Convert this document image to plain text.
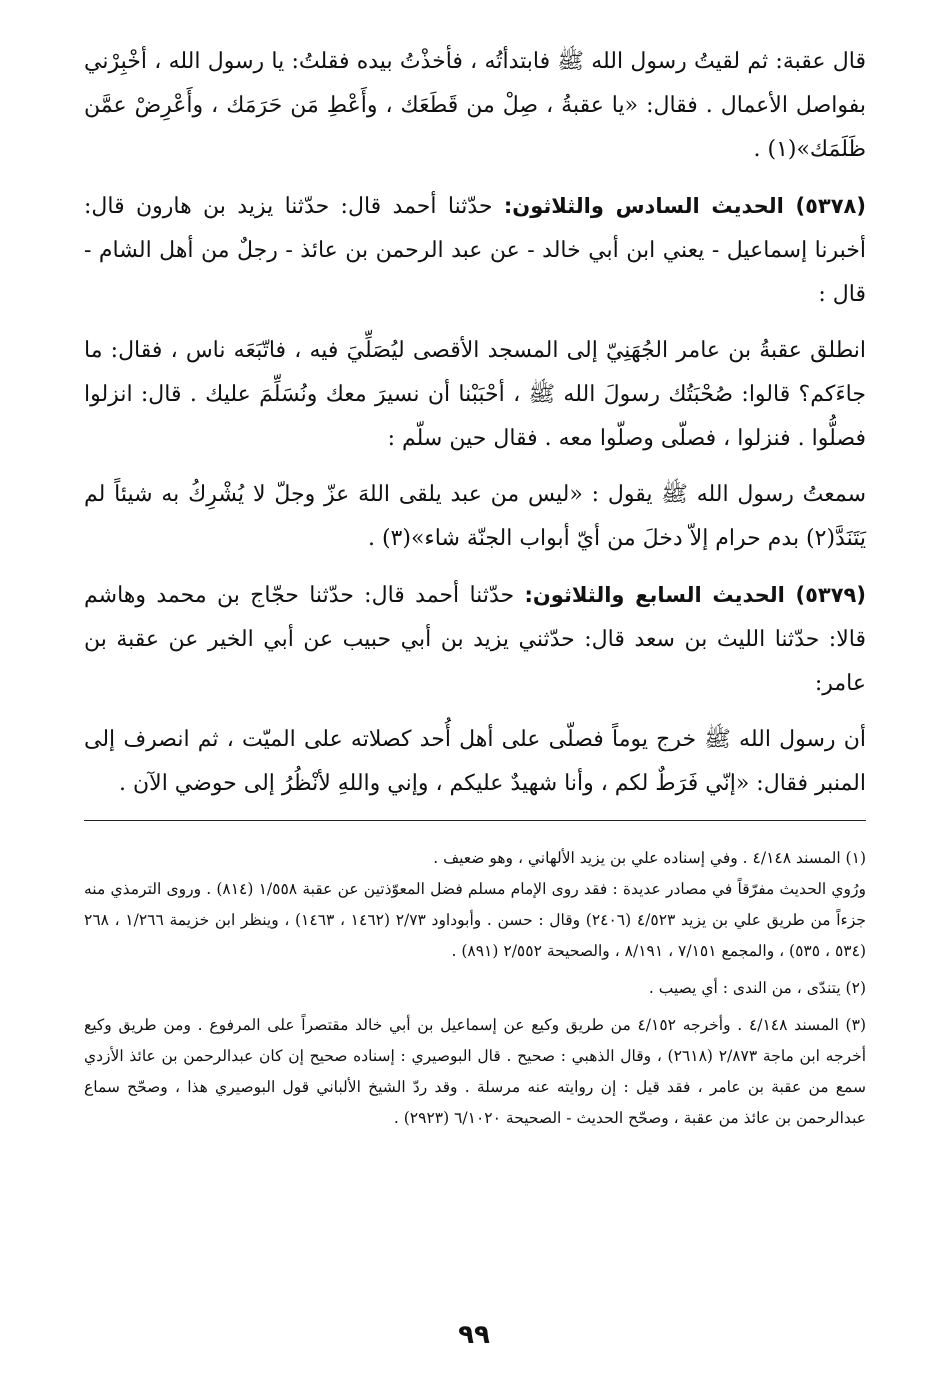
قال عقبة: ثم لقيتُ رسول الله ﷺ فابتدأتُه ، فأخذْتُ بيده فقلتُ: يا رسول الله ، أخْبِرْني بفواصل الأعمال . فقال: «يا عقبةُ ، صِلْ من قَطَعَك ، وأَعْطِ مَن حَرَمَك ، وأَعْرِضْ عمَّن ظَلَمَك»(١) .

(٥٣٧٨) الحديث السادس والثلاثون: حدّثنا أحمد قال: حدّثنا يزيد بن هارون قال: أخبرنا إسماعيل - يعني ابن أبي خالد - عن عبد الرحمن بن عائذ - رجلٌ من أهل الشام - قال :

انطلق عقبةُ بن عامر الجُهَنِيّ إلى المسجد الأقصى ليُصَلِّيَ فيه ، فاتّبَعَه ناس ، فقال: ما جاءَكم؟ قالوا: صُحْبَتُك رسولَ الله ﷺ ، أحْبَبْنا أن نسيرَ معك ونُسَلِّمَ عليك . قال: انزلوا فصلُّوا . فنزلوا ، فصلّى وصلّوا معه . فقال حين سلّم :

سمعتُ رسول الله ﷺ يقول : «ليس من عبد يلقى اللهَ عزّ وجلّ لا يُشْرِكُ به شيئاً لم يَتَنَدَّ(٢) بدم حرام إلاّ دخلَ من أيّ أبواب الجنّة شاء»(٣) .

(٥٣٧٩) الحديث السابع والثلاثون: حدّثنا أحمد قال: حدّثنا حجّاج بن محمد وهاشم قالا: حدّثنا الليث بن سعد قال: حدّثني يزيد بن أبي حبيب عن أبي الخير عن عقبة بن عامر:

أن رسول الله ﷺ خرج يوماً فصلّى على أهل أُحد كصلاته على الميّت ، ثم انصرف إلى المنبر فقال: «إنّي فَرَطٌ لكم ، وأنا شهيدٌ عليكم ، وإني واللهِ لأنْظُرُ إلى حوضي الآن .

(١) المسند ٤/١٤٨ . وفي إسناده علي بن يزيد الألهاني ، وهو ضعيف .

ورُوي الحديث مفرّقاً في مصادر عديدة : فقد روى الإمام مسلم فضل المعوّذتين عن عقبة ١/٥٥٨ (٨١٤) . وروى الترمذي منه جزءاً من طريق علي بن يزيد ٤/٥٢٣ (٢٤٠٦) وقال : حسن . وأبوداود ٢/٧٣ (١٤٦٢ ، ١٤٦٣) ، وينظر ابن خزيمة ١/٢٦٦ ، ٢٦٨ (٥٣٤ ، ٥٣٥) ، والمجمع ٧/١٥١ ، ٨/١٩١ ، والصحيحة ٢/٥٥٢ (٨٩١) .

(٢) يتندّى ، من الندى : أي يصيب .

(٣) المسند ٤/١٤٨ . وأخرجه ٤/١٥٢ من طريق وكيع عن إسماعيل بن أبي خالد مقتصراً على المرفوع . ومن طريق وكيع أخرجه ابن ماجة ٢/٨٧٣ (٢٦١٨) ، وقال الذهبي : صحيح . قال البوصيري : إسناده صحيح إن كان عبدالرحمن بن عائذ الأزدي سمع من عقبة بن عامر ، فقد قيل : إن روايته عنه مرسلة . وقد ردّ الشيخ الألباني قول البوصيري هذا ، وصحّح سماع عبدالرحمن بن عائذ من عقبة ، وصحّح الحديث - الصحيحة ٦/١٠٢٠ (٢٩٢٣) .

٩٩
